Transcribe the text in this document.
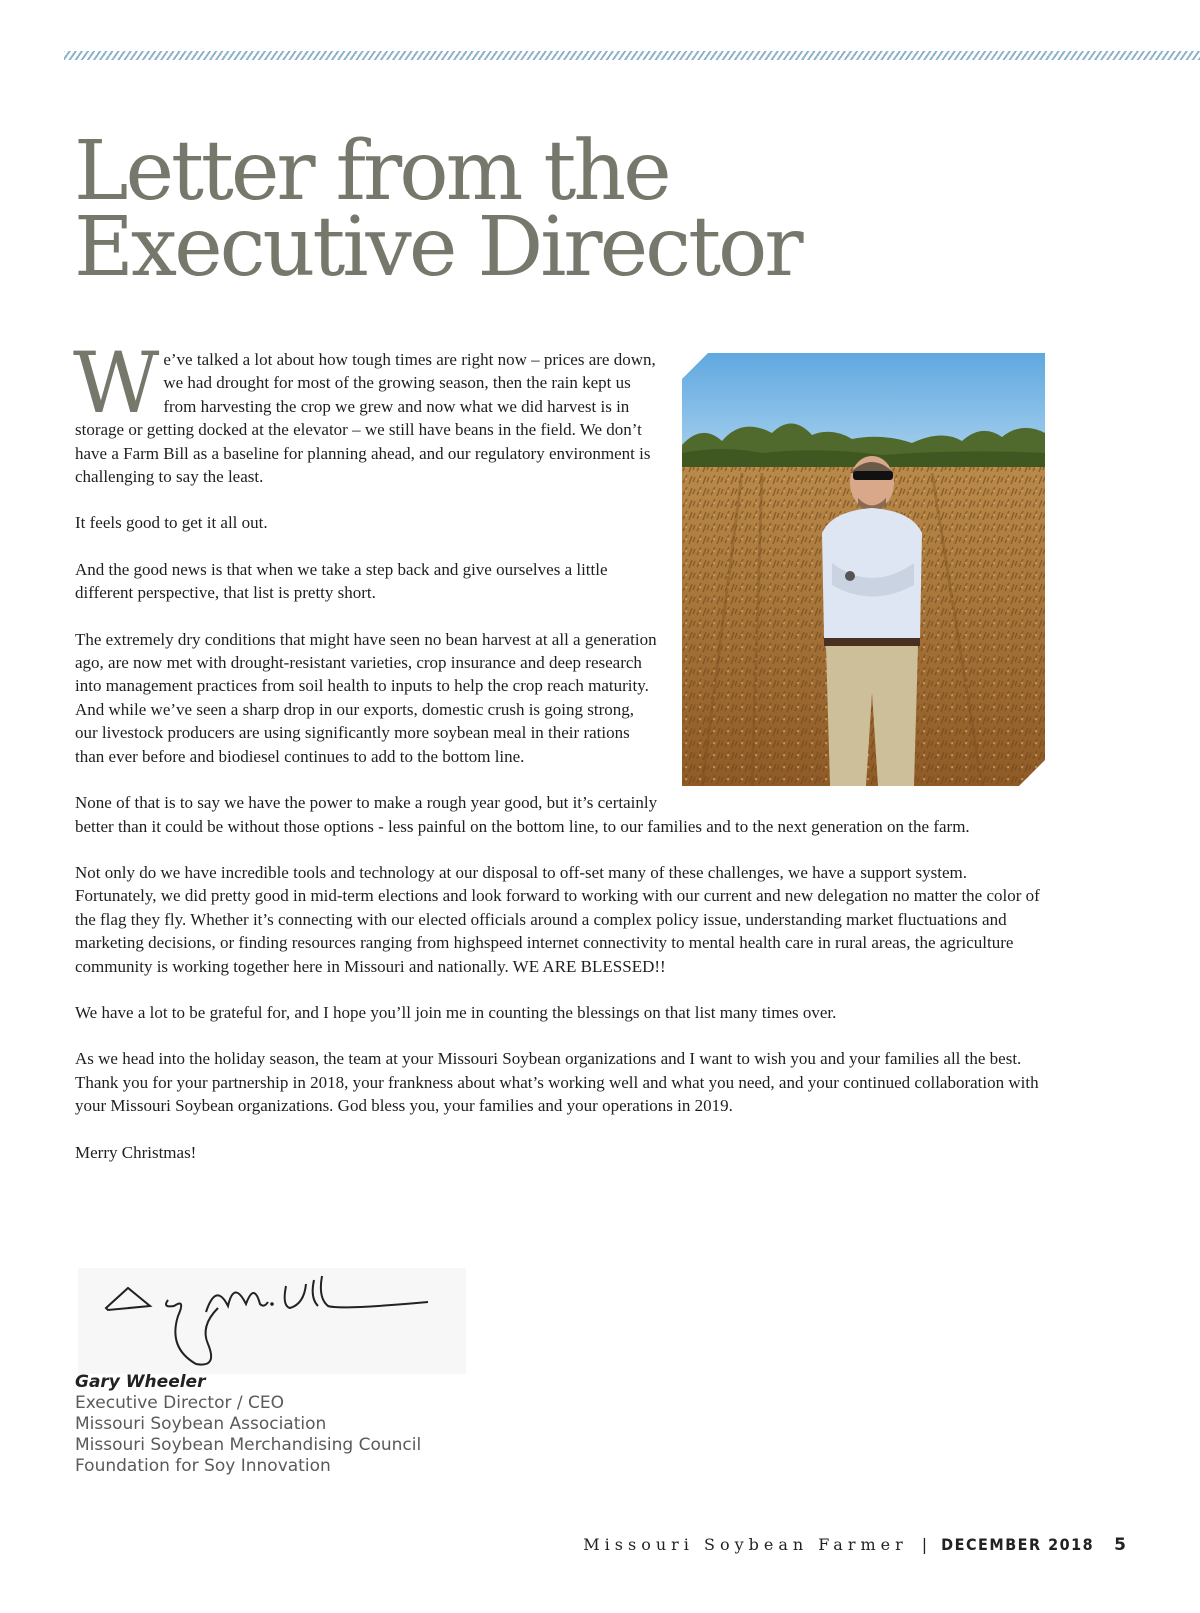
Letter from the
Executive Director

We’ve talked a lot about how tough times are right now – prices are down, we had drought for most of the growing season, then the rain kept us from harvesting the crop we grew and now what we did harvest is in storage or getting docked at the elevator – we still have beans in the field. We don’t have a Farm Bill as a baseline for planning ahead, and our regulatory environment is challenging to say the least.

It feels good to get it all out.

And the good news is that when we take a step back and give ourselves a little different perspective, that list is pretty short.

The extremely dry conditions that might have seen no bean harvest at all a generation ago, are now met with drought-resistant varieties, crop insurance and deep research into management practices from soil health to inputs to help the crop reach maturity. And while we’ve seen a sharp drop in our exports, domestic crush is going strong, our livestock producers are using significantly more soybean meal in their rations than ever before and biodiesel continues to add to the bottom line.

None of that is to say we have the power to make a rough year good, but it’s certainly better than it could be without those options - less painful on the bottom line, to our families and to the next generation on the farm.

Not only do we have incredible tools and technology at our disposal to off-set many of these challenges, we have a support system. Fortunately, we did pretty good in mid-term elections and look forward to working with our current and new delegation no matter the color of the flag they fly. Whether it’s connecting with our elected officials around a complex policy issue, understanding market fluctuations and marketing decisions, or finding resources ranging from highspeed internet connectivity to mental health care in rural areas, the agriculture community is working together here in Missouri and nationally. WE ARE BLESSED!!

We have a lot to be grateful for, and I hope you’ll join me in counting the blessings on that list many times over.

As we head into the holiday season, the team at your Missouri Soybean organizations and I want to wish you and your families all the best. Thank you for your partnership in 2018, your frankness about what’s working well and what you need, and your continued collaboration with your Missouri Soybean organizations. God bless you, your families and your operations in 2019.

Merry Christmas!

Gary Wheeler
Executive Director / CEO
Missouri Soybean Association
Missouri Soybean Merchandising Council
Foundation for Soy Innovation
Missouri Soybean Farmer | DECEMBER 2018 5
